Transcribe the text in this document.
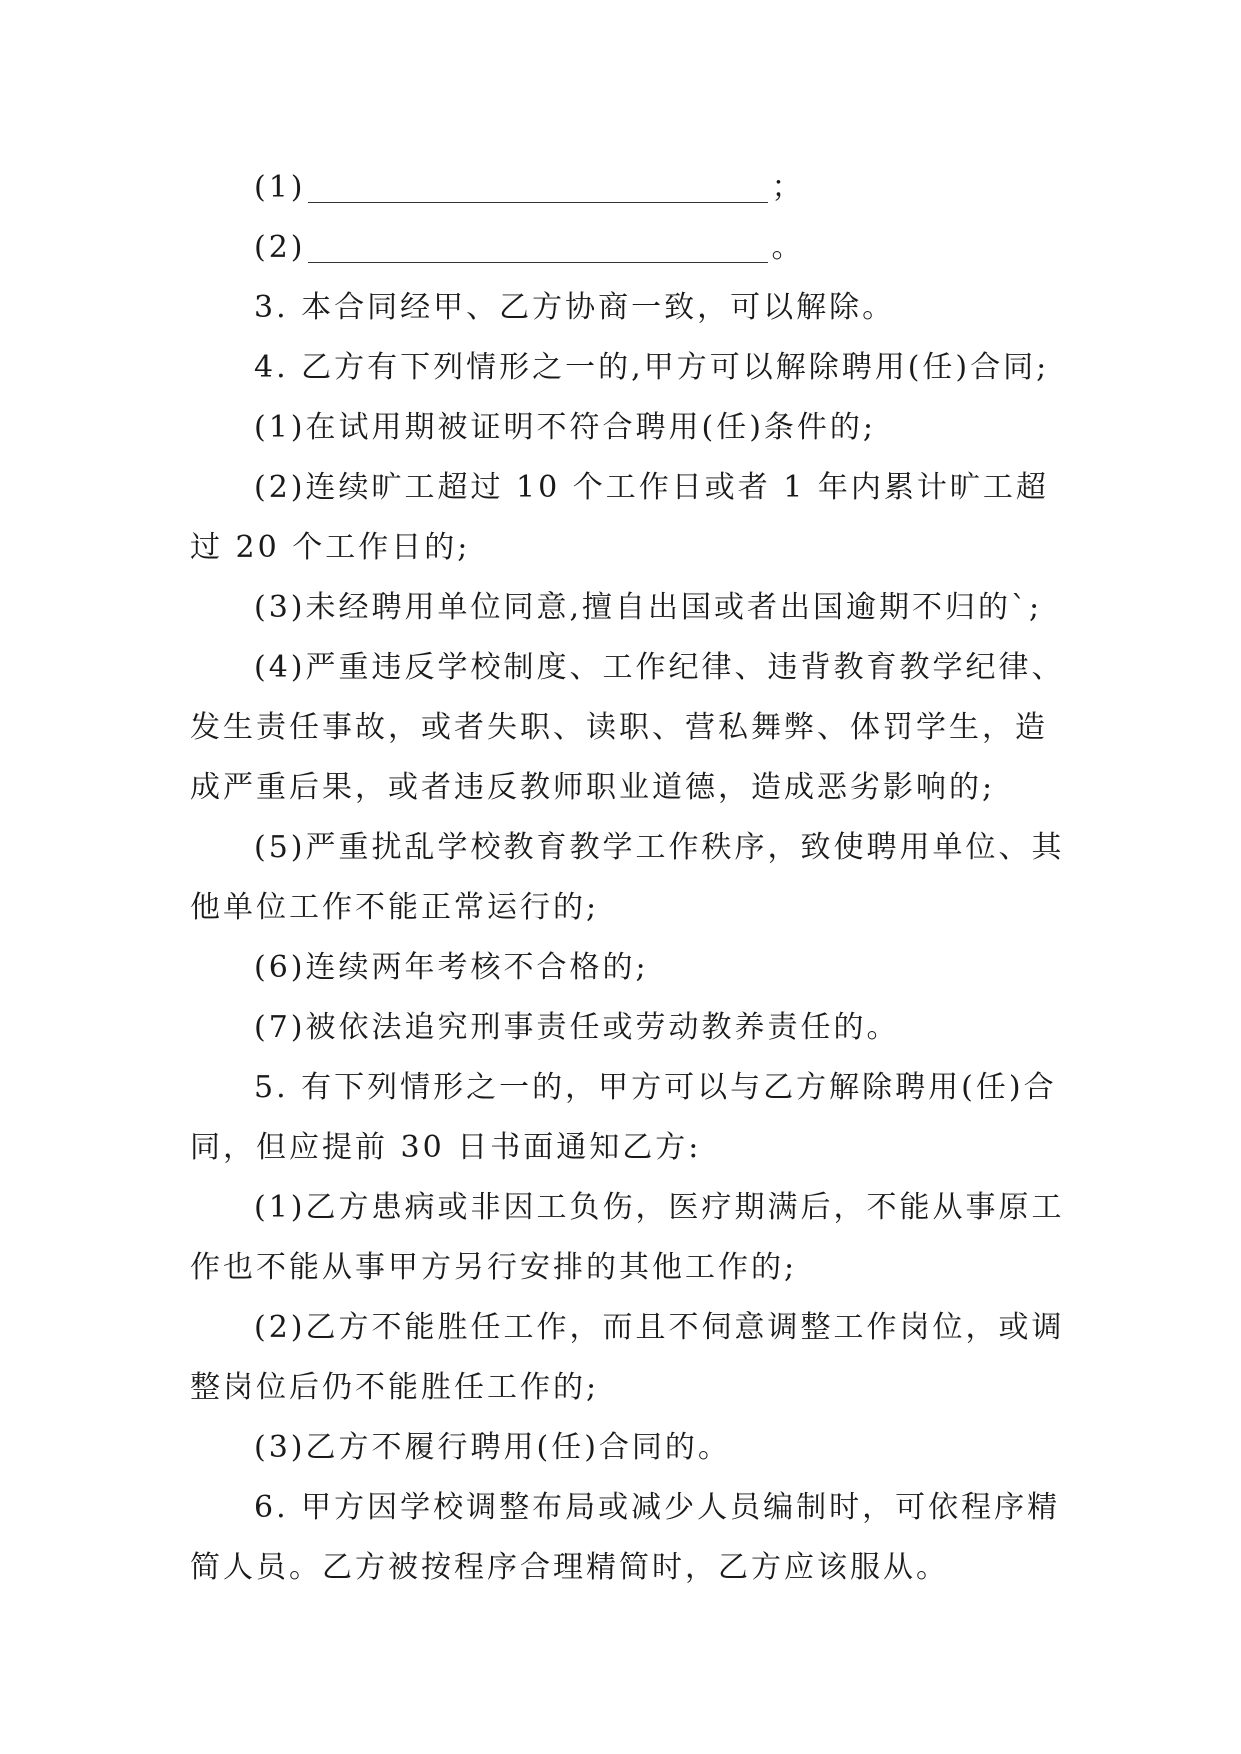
(1)	；

(2)	。

3. 本合同经甲、乙方协商一致，可以解除。

4. 乙方有下列情形之一的,甲方可以解除聘用(任)合同;

(1)在试用期被证明不符合聘用(任)条件的;

(2)连续旷工超过 10 个工作日或者 1 年内累计旷工超过 20 个工作日的;

(3)未经聘用单位同意,擅自出国或者出国逾期不归的`;

(4)严重违反学校制度、工作纪律、违背教育教学纪律、发生责任事故，或者失职、读职、营私舞弊、体罚学生，造成严重后果，或者违反教师职业道德，造成恶劣影响的;

(5)严重扰乱学校教育教学工作秩序，致使聘用单位、其他单位工作不能正常运行的;

(6)连续两年考核不合格的;

(7)被依法追究刑事责任或劳动教养责任的。

5. 有下列情形之一的，甲方可以与乙方解除聘用(任)合同，但应提前 30 日书面通知乙方:

(1)乙方患病或非因工负伤，医疗期满后，不能从事原工作也不能从事甲方另行安排的其他工作的;

(2)乙方不能胜任工作，而且不伺意调整工作岗位，或调整岗位后仍不能胜任工作的;

(3)乙方不履行聘用(任)合同的。

6. 甲方因学校调整布局或减少人员编制时，可依程序精简人员。乙方被按程序合理精简时，乙方应该服从。
